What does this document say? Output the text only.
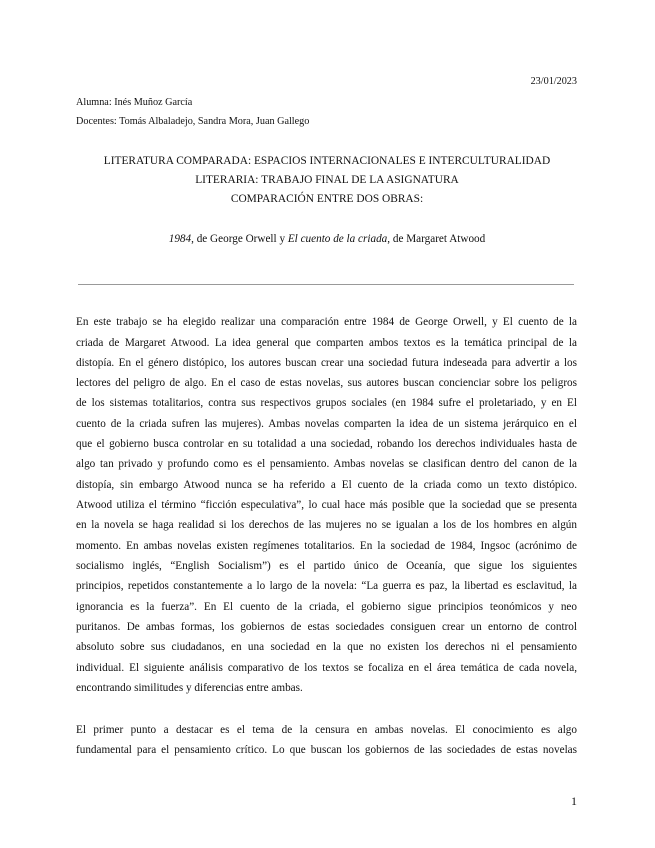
23/01/2023
Alumna: Inés Muñoz García
Docentes: Tomás Albaladejo, Sandra Mora, Juan Gallego
LITERATURA COMPARADA: ESPACIOS INTERNACIONALES E INTERCULTURALIDAD
LITERARIA: TRABAJO FINAL DE LA ASIGNATURA
COMPARACIÓN ENTRE DOS OBRAS:
1984, de George Orwell y El cuento de la criada, de Margaret Atwood
En este trabajo se ha elegido realizar una comparación entre 1984 de George Orwell, y El cuento de la
criada de Margaret Atwood. La idea general que comparten ambos textos es la temática principal de la
distopía. En el género distópico, los autores buscan crear una sociedad futura indeseada para advertir a los
lectores del peligro de algo. En el caso de estas novelas, sus autores buscan concienciar sobre los peligros
de los sistemas totalitarios, contra sus respectivos grupos sociales (en 1984 sufre el proletariado, y en El
cuento de la criada sufren las mujeres). Ambas novelas comparten la idea de un sistema jerárquico en el
que el gobierno busca controlar en su totalidad a una sociedad, robando los derechos individuales hasta de
algo tan privado y profundo como es el pensamiento. Ambas novelas se clasifican dentro del canon de la
distopía, sin embargo Atwood nunca se ha referido a El cuento de la criada como un texto distópico.
Atwood utiliza el término “ficción especulativa”, lo cual hace más posible que la sociedad que se presenta
en la novela se haga realidad si los derechos de las mujeres no se igualan a los de los hombres en algún
momento. En ambas novelas existen regímenes totalitarios. En la sociedad de 1984, Ingsoc (acrónimo de
socialismo inglés, “English Socialism”) es el partido único de Oceanía, que sigue los siguientes
principios, repetidos constantemente a lo largo de la novela: “La guerra es paz, la libertad es esclavitud, la
ignorancia es la fuerza”. En El cuento de la criada, el gobierno sigue principios teonómicos y neo
puritanos. De ambas formas, los gobiernos de estas sociedades consiguen crear un entorno de control
absoluto sobre sus ciudadanos, en una sociedad en la que no existen los derechos ni el pensamiento
individual. El siguiente análisis comparativo de los textos se focaliza en el área temática de cada novela,
encontrando similitudes y diferencias entre ambas.
El primer punto a destacar es el tema de la censura en ambas novelas. El conocimiento es algo
fundamental para el pensamiento crítico. Lo que buscan los gobiernos de las sociedades de estas novelas
1
